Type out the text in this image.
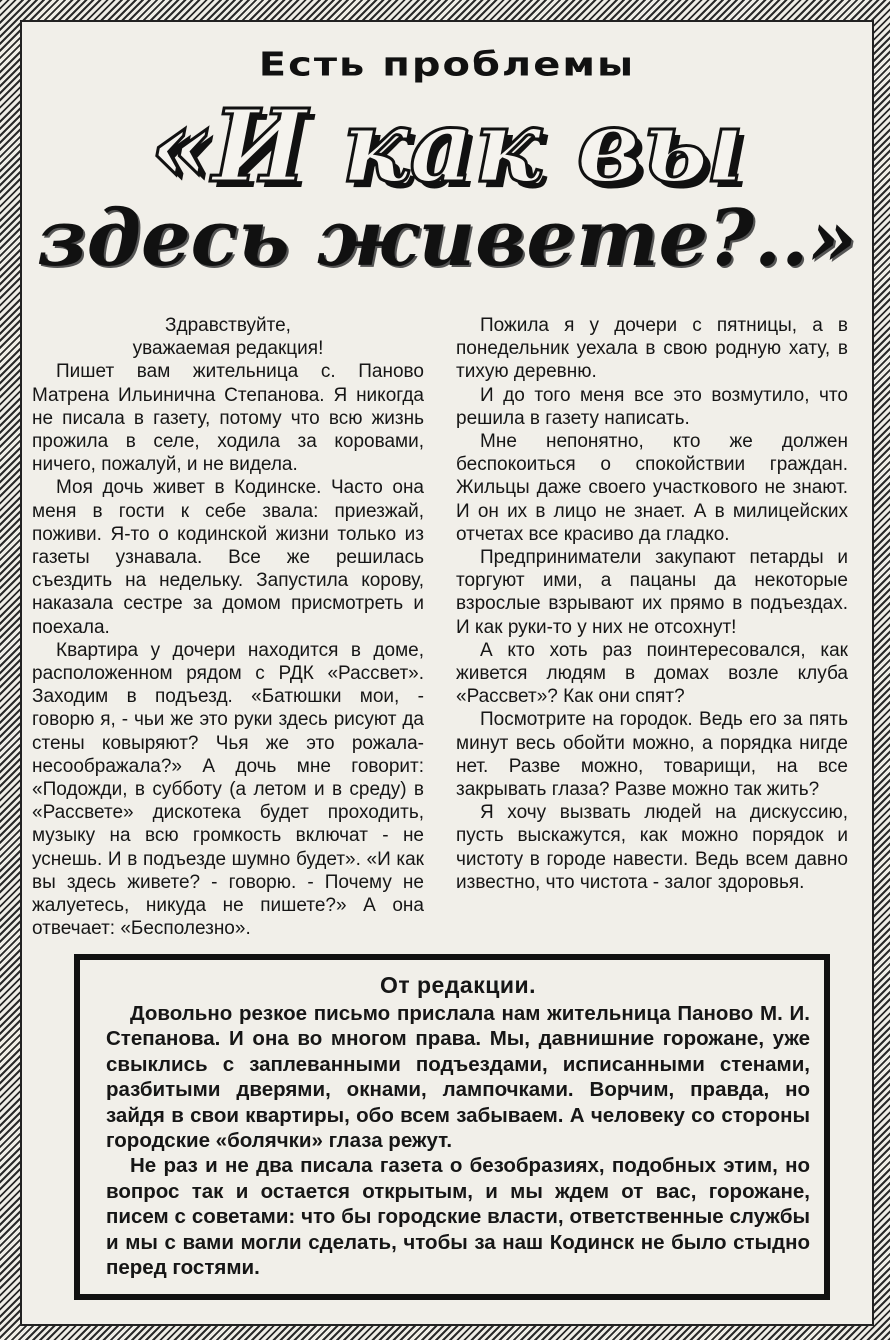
Есть проблемы
«И как вы
здесь живете?..»

Здравствуйте,

уважаемая редакция!

Пишет вам жительница с. Паново Матрена Ильинична Степанова. Я никогда не писала в газету, потому что всю жизнь прожила в селе, ходила за коровами, ничего, пожалуй, и не видела.

Моя дочь живет в Кодинске. Часто она меня в гости к себе звала: приезжай, поживи. Я-то о кодинской жизни только из газеты узнавала. Все же решилась съездить на недельку. Запустила корову, наказала сестре за домом присмотреть и поехала.

Квартира у дочери находится в доме, расположенном рядом с РДК «Рассвет». Заходим в подъезд. «Батюшки мои, - говорю я, - чьи же это руки здесь рисуют да стены ковыряют? Чья же это рожала-несоображала?» А дочь мне говорит: «Подожди, в субботу (а летом и в среду) в «Рассвете» дискотека будет проходить, музыку на всю громкость включат - не уснешь. И в подъезде шумно будет». «И как вы здесь живете? - говорю. - Почему не жалуетесь, никуда не пишете?» А она отвечает: «Бесполезно».

Пожила я у дочери с пятницы, а в понедельник уехала в свою родную хату, в тихую деревню.

И до того меня все это возмутило, что решила в газету написать.

Мне непонятно, кто же должен беспокоиться о спокойствии граждан. Жильцы даже своего участкового не знают. И он их в лицо не знает. А в милицейских отчетах все красиво да гладко.

Предприниматели закупают петарды и торгуют ими, а пацаны да некоторые взрослые взрывают их прямо в подъездах. И как руки-то у них не отсохнут!

А кто хоть раз поинтересовался, как живется людям в домах возле клуба «Рассвет»? Как они спят?

Посмотрите на городок. Ведь его за пять минут весь обойти можно, а порядка нигде нет. Разве можно, товарищи, на все закрывать глаза? Разве можно так жить?

Я хочу вызвать людей на дискуссию, пусть выскажутся, как можно порядок и чистоту в городе навести. Ведь всем давно известно, что чистота - залог здоровья.

От редакции.

Довольно резкое письмо прислала нам жительница Паново М. И. Степанова. И она во многом права. Мы, давнишние горожане, уже свыклись с заплеванными подъездами, исписанными стенами, разбитыми дверями, окнами, лампочками. Ворчим, правда, но зайдя в свои квартиры, обо всем забываем. А человеку со стороны городские «болячки» глаза режут.

Не раз и не два писала газета о безобразиях, подобных этим, но вопрос так и остается открытым, и мы ждем от вас, горожане, писем с советами: что бы городские власти, ответственные службы и мы с вами могли сделать, чтобы за наш Кодинск не было стыдно перед гостями.
